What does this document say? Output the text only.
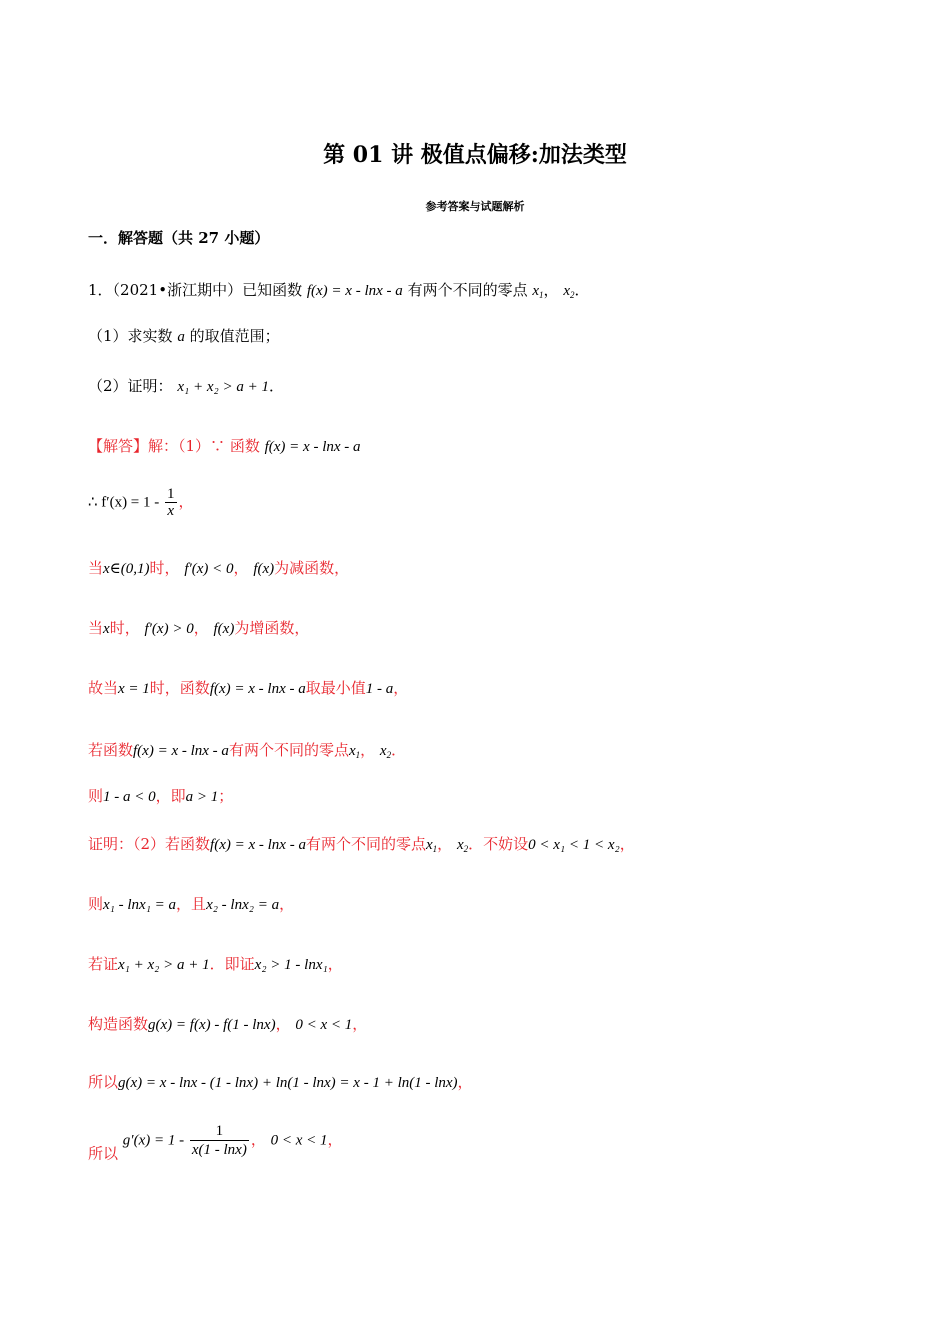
第 01 讲 极值点偏移:加法类型
参考答案与试题解析
一．解答题（共 27 小题）
1．（2021•浙江期中）已知函数 f(x) = x - lnx - a 有两个不同的零点 $x_1$， $x_2$．
（1）求实数 a 的取值范围；
（2）证明： x₁ + x₂ > a + 1．
【解答】解：（1）∵ 函数 f(x) = x - lnx - a
∴ $f'(x) = 1 - \frac{1}{x}$ ，
当x∈(0,1)时， f′(x) < 0， f(x)为减函数，
当x时， f′(x) > 0， f(x)为增函数，
故当x = 1时，函数f(x) = x - lnx - a取最小值1 - a，
若函数f(x) = x - lnx - a有两个不同的零点$x_1$， $x_2$．
则1 - a < 0，即a > 1；
证明：（2）若函数f(x) = x - lnx - a有两个不同的零点$x_1$， $x_2$．不妨设0 < x₁ < 1 < x₂，
则x₁ - lnx₁ = a，且x₂ - lnx₂ = a，
若证x₁ + x₂ > a + 1．即证x₂ > 1 - lnx₁，
构造函数g(x) = f(x) - f(1 - lnx)， 0 < x < 1，
所以g(x) = x - lnx - (1 - lnx) + ln(1 - lnx) = x - 1 + ln(1 - lnx)，
所以 $g'(x) = 1 - \frac{1}{x(1 - \ln x)}$ ， 0 < x < 1，
